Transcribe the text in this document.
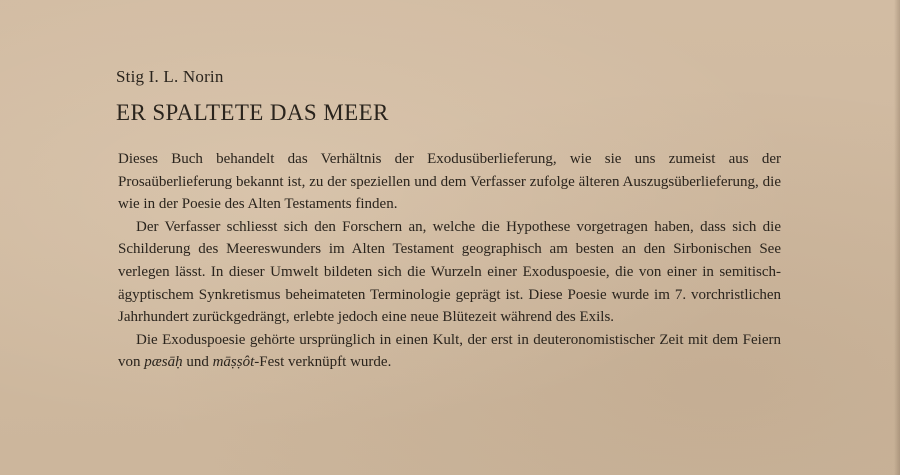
Stig I. L. Norin
ER SPALTETE DAS MEER

Dieses Buch behandelt das Verhältnis der Exodusüberlieferung, wie sie uns zumeist aus der Prosaüberlieferung bekannt ist, zu der speziellen und dem Verfasser zufolge älteren Auszugsüberlieferung, die wie in der Poesie des Alten Testaments finden.

Der Verfasser schliesst sich den Forschern an, welche die Hypothese vorgetragen haben, dass sich die Schilderung des Meereswunders im Alten Testament geographisch am besten an den Sirbonischen See verlegen lässt. In dieser Umwelt bildeten sich die Wurzeln einer Exoduspoesie, die von einer in semitisch-ägyptischem Synkretismus beheimateten Terminologie geprägt ist. Diese Poesie wurde im 7. vorchristlichen Jahrhundert zurückgedrängt, erlebte jedoch eine neue Blütezeit während des Exils.

Die Exoduspoesie gehörte ursprünglich in einen Kult, der erst in deuteronomistischer Zeit mit dem Feiern von pæsāḥ und māṣṣôt-Fest verknüpft wurde.
